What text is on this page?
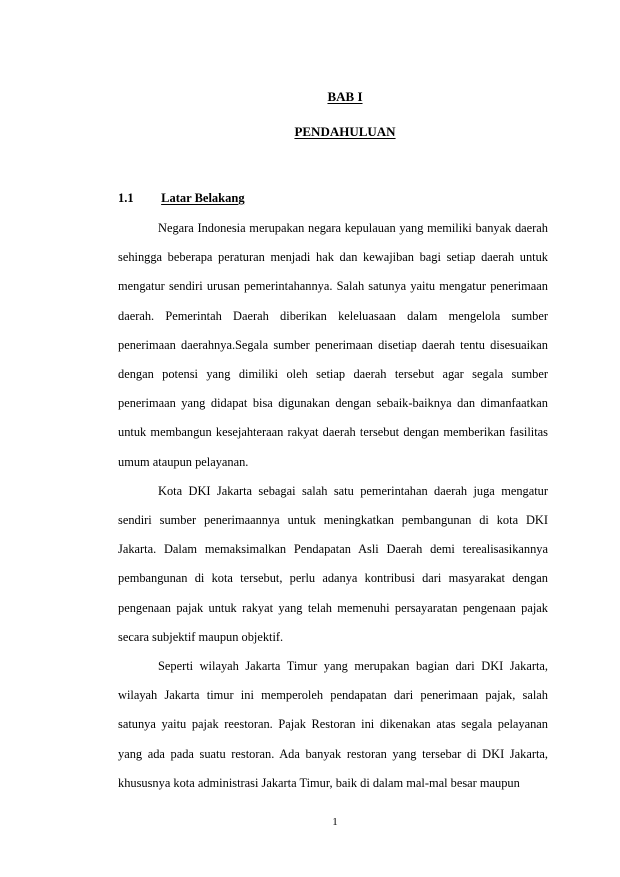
BAB I
PENDAHULUAN
1.1 Latar Belakang

Negara Indonesia merupakan negara kepulauan yang memiliki banyak daerah sehingga beberapa peraturan menjadi hak dan kewajiban bagi setiap daerah untuk mengatur sendiri urusan pemerintahannya. Salah satunya yaitu mengatur penerimaan daerah. Pemerintah Daerah diberikan keleluasaan dalam mengelola sumber penerimaan daerahnya.Segala sumber penerimaan disetiap daerah tentu disesuaikan dengan potensi yang dimiliki oleh setiap daerah tersebut agar segala sumber penerimaan yang didapat bisa digunakan dengan sebaik-baiknya dan dimanfaatkan untuk membangun kesejahteraan rakyat daerah tersebut dengan memberikan fasilitas umum ataupun pelayanan.

Kota DKI Jakarta sebagai salah satu pemerintahan daerah juga mengatur sendiri sumber penerimaannya untuk meningkatkan pembangunan di kota DKI Jakarta. Dalam memaksimalkan Pendapatan Asli Daerah demi terealisasikannya pembangunan di kota tersebut, perlu adanya kontribusi dari masyarakat dengan pengenaan pajak untuk rakyat yang telah memenuhi persayaratan pengenaan pajak secara subjektif maupun objektif.

Seperti wilayah Jakarta Timur yang merupakan bagian dari DKI Jakarta, wilayah Jakarta timur ini memperoleh pendapatan dari penerimaan pajak, salah satunya yaitu pajak reestoran. Pajak Restoran ini dikenakan atas segala pelayanan yang ada pada suatu restoran. Ada banyak restoran yang tersebar di DKI Jakarta, khususnya kota administrasi Jakarta Timur, baik di dalam mal-mal besar maupun

1
